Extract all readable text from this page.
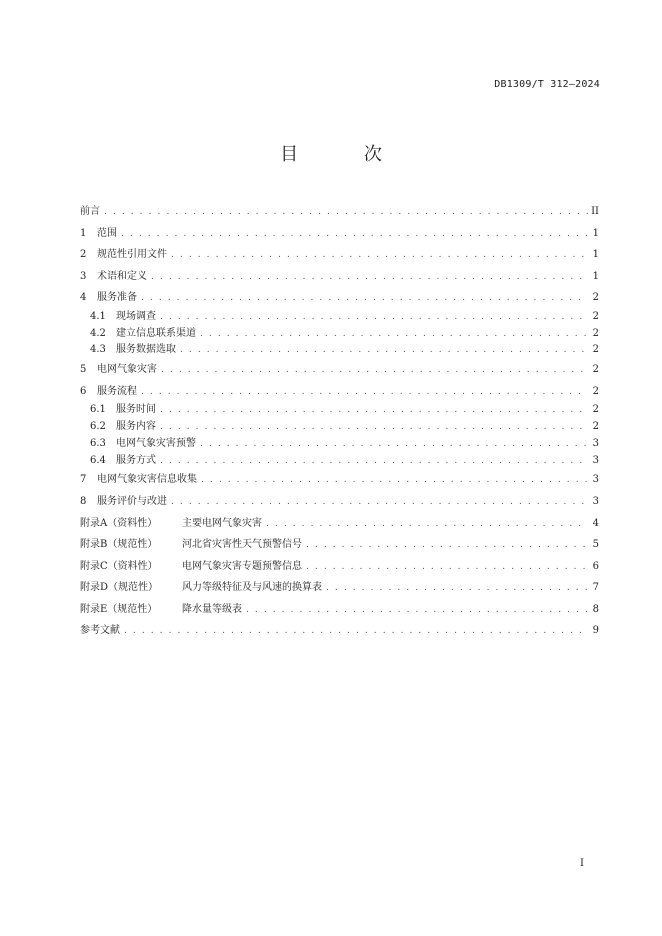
DB1309/T 312—2024
目 次
前言 . . .	II
1	范围 . . .	1
2	规范性引用文件 . . .	1
3	术语和定义 . . .	1
4	服务准备 . . .	2
4.1	现场调查 . . .	2
4.2	建立信息联系渠道 . . .	2
4.3	服务数据选取 . . .	2
5	电网气象灾害 . . .	2
6	服务流程 . . .	2
6.1	服务时间 . . .	2
6.2	服务内容 . . .	2
6.3	电网气象灾害预警 . . .	3
6.4	服务方式 . . .	3
7	电网气象灾害信息收集 . . .	3
8	服务评价与改进 . . .	3
附录A（资料性）	主要电网气象灾害 . . .	4
附录B（规范性）	河北省灾害性天气预警信号 . . .	5
附录C（资料性）	电网气象灾害专题预警信息 . . .	6
附录D（规范性）	风力等级特征及与风速的换算表 . . .	7
附录E（规范性）	降水量等级表 . . .	8
参考文献 . . .	9
I
